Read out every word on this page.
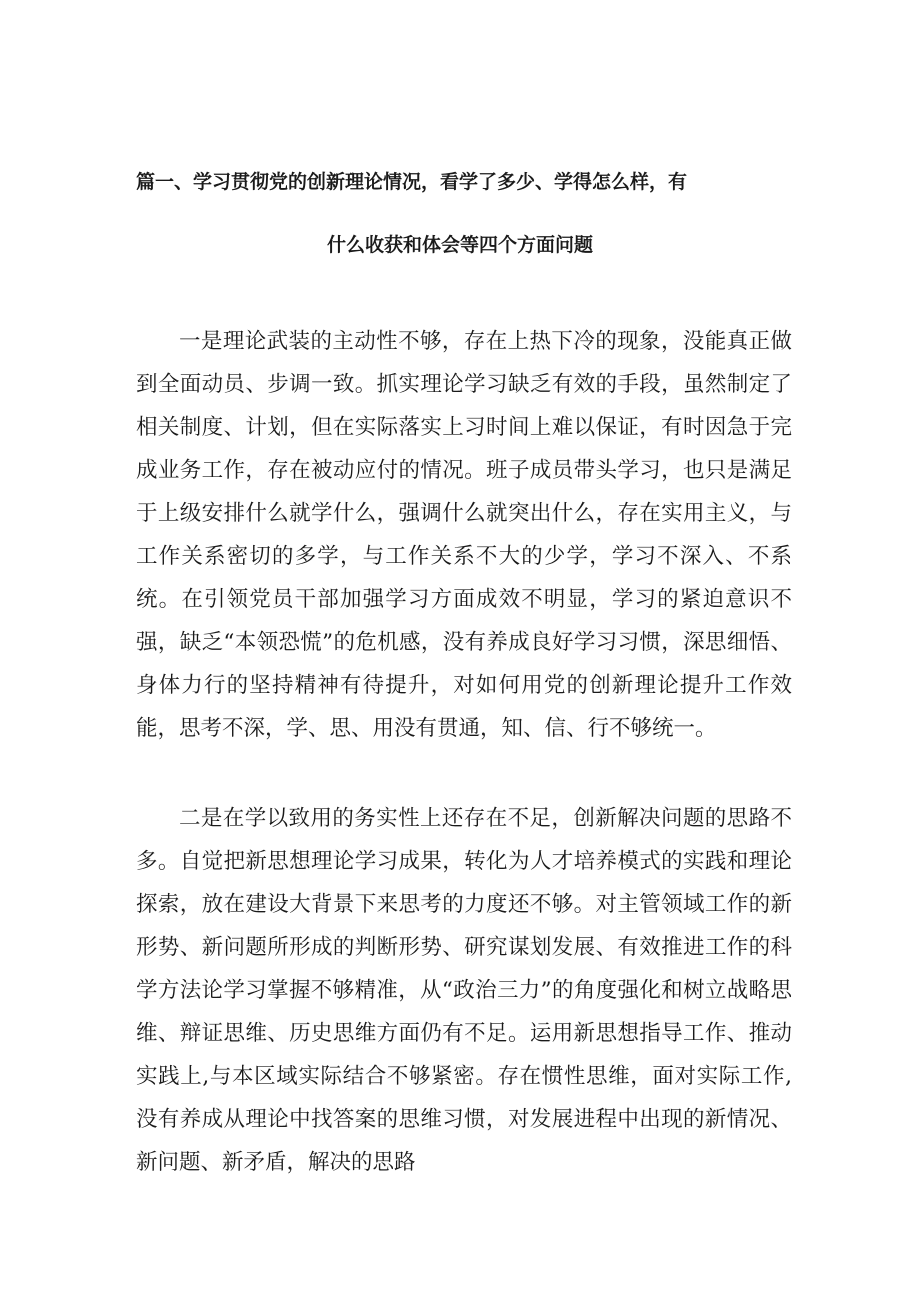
篇一、学习贯彻党的创新理论情况，看学了多少、学得怎么样，有
什么收获和体会等四个方面问题

一是理论武装的主动性不够，存在上热下冷的现象，没能真正做到全面动员、步调一致。抓实理论学习缺乏有效的手段，虽然制定了相关制度、计划，但在实际落实上习时间上难以保证，有时因急于完成业务工作，存在被动应付的情况。班子成员带头学习，也只是满足于上级安排什么就学什么，强调什么就突出什么，存在实用主义，与工作关系密切的多学，与工作关系不大的少学，学习不深入、不系统。在引领党员干部加强学习方面成效不明显，学习的紧迫意识不强，缺乏“本领恐慌”的危机感，没有养成良好学习习惯，深思细悟、身体力行的坚持精神有待提升，对如何用党的创新理论提升工作效能，思考不深，学、思、用没有贯通，知、信、行不够统一。

二是在学以致用的务实性上还存在不足，创新解决问题的思路不多。自觉把新思想理论学习成果，转化为人才培养模式的实践和理论探索，放在建设大背景下来思考的力度还不够。对主管领域工作的新形势、新问题所形成的判断形势、研究谋划发展、有效推进工作的科学方法论学习掌握不够精准，从“政治三力”的角度强化和树立战略思维、辩证思维、历史思维方面仍有不足。运用新思想指导工作、推动实践上,与本区域实际结合不够紧密。存在惯性思维，面对实际工作,没有养成从理论中找答案的思维习惯，对发展进程中出现的新情况、新问题、新矛盾，解决的思路
